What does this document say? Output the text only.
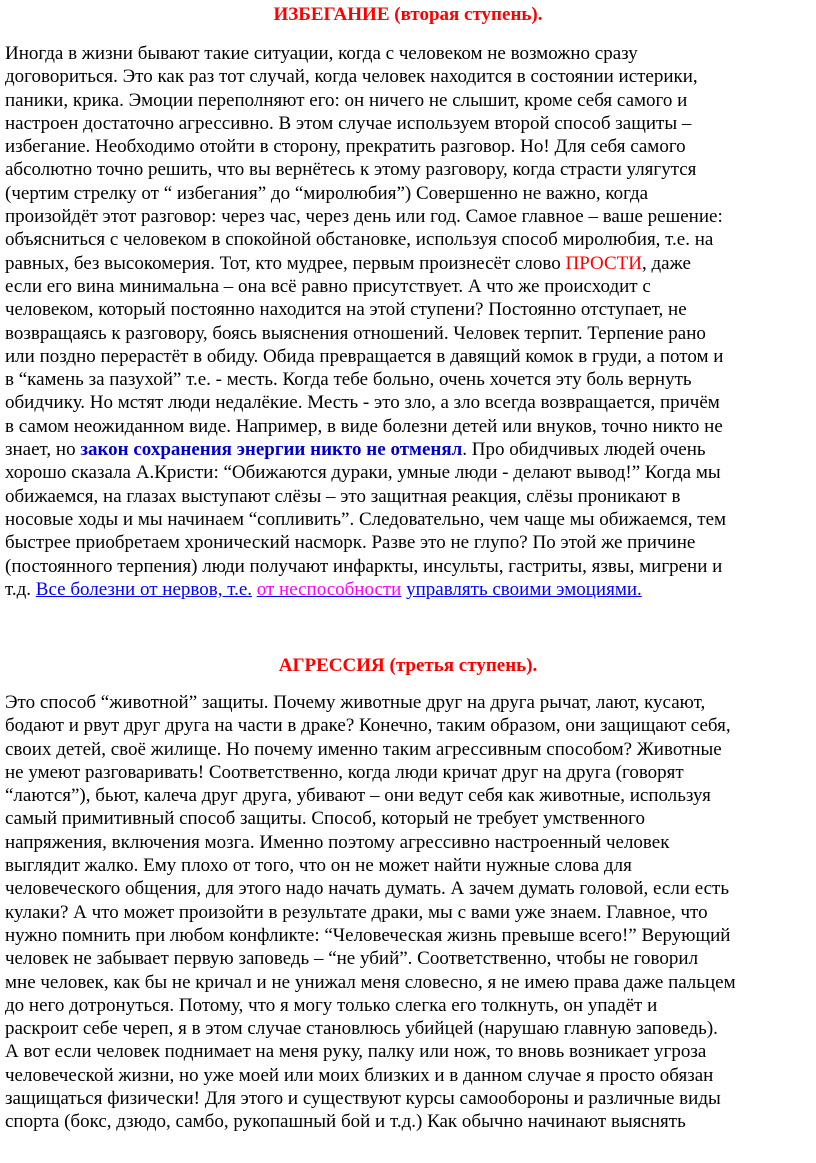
ИЗБЕГАНИЕ (вторая ступень).
Иногда в жизни бывают такие ситуации, когда с человеком не возможно сразу
договориться. Это как раз тот случай, когда человек находится в состоянии истерики,
паники, крика. Эмоции переполняют его: он ничего не слышит, кроме себя самого и
настроен достаточно агрессивно. В этом случае используем второй способ защиты –
избегание. Необходимо отойти в сторону, прекратить разговор. Но! Для себя самого
абсолютно точно решить, что вы вернётесь к этому разговору, когда страсти улягутся
(чертим стрелку от “ избегания” до “миролюбия”) Совершенно не важно, когда
произойдёт этот разговор: через час, через день или год. Самое главное – ваше решение:
объясниться с человеком в спокойной обстановке, используя способ миролюбия, т.е. на
равных, без высокомерия. Тот, кто мудрее, первым произнесёт слово ПРОСТИ, даже
если его вина минимальна – она всё равно присутствует. А что же происходит с
человеком, который постоянно находится на этой ступени? Постоянно отступает, не
возвращаясь к разговору, боясь выяснения отношений. Человек терпит. Терпение рано
или поздно перерастёт в обиду. Обида превращается в давящий комок в груди, а потом и
в “камень за пазухой” т.е. - месть. Когда тебе больно, очень хочется эту боль вернуть
обидчику. Но мстят люди недалёкие. Месть - это зло, а зло всегда возвращается, причём
в самом неожиданном виде. Например, в виде болезни детей или внуков, точно никто не
знает, но закон сохранения энергии никто не отменял. Про обидчивых людей очень
хорошо сказала А.Кристи: “Обижаются дураки, умные люди - делают вывод!” Когда мы
обижаемся, на глазах выступают слёзы – это защитная реакция, слёзы проникают в
носовые ходы и мы начинаем “сопливить”. Следовательно, чем чаще мы обижаемся, тем
быстрее приобретаем хронический насморк. Разве это не глупо? По этой же причине
(постоянного терпения) люди получают инфаркты, инсульты, гастриты, язвы, мигрени и
т.д. Все болезни от нервов, т.е. от неспособности управлять своими эмоциями.
АГРЕССИЯ (третья ступень).
Это способ “животной” защиты. Почему животные друг на друга рычат, лают, кусают,
бодают и рвут друг друга на части в драке? Конечно, таким образом, они защищают себя,
своих детей, своё жилище. Но почему именно таким агрессивным способом? Животные
не умеют разговаривать! Соответственно, когда люди кричат друг на друга (говорят
“лаются”), бьют, калеча друг друга, убивают – они ведут себя как животные, используя
самый примитивный способ защиты. Способ, который не требует умственного
напряжения, включения мозга. Именно поэтому агрессивно настроенный человек
выглядит жалко. Ему плохо от того, что он не может найти нужные слова для
человеческого общения, для этого надо начать думать. А зачем думать головой, если есть
кулаки? А что может произойти в результате драки, мы с вами уже знаем. Главное, что
нужно помнить при любом конфликте: “Человеческая жизнь превыше всего!” Верующий
человек не забывает первую заповедь – “не убий”. Соответственно, чтобы не говорил
мне человек, как бы не кричал и не унижал меня словесно, я не имею права даже пальцем
до него дотронуться. Потому, что я могу только слегка его толкнуть, он упадёт и
раскроит себе череп, я в этом случае становлюсь убийцей (нарушаю главную заповедь).
А вот если человек поднимает на меня руку, палку или нож, то вновь возникает угроза
человеческой жизни, но уже моей или моих близких и в данном случае я просто обязан
защищаться физически! Для этого и существуют курсы самообороны и различные виды
спорта (бокс, дзюдо, самбо, рукопашный бой и т.д.) Как обычно начинают выяснять
